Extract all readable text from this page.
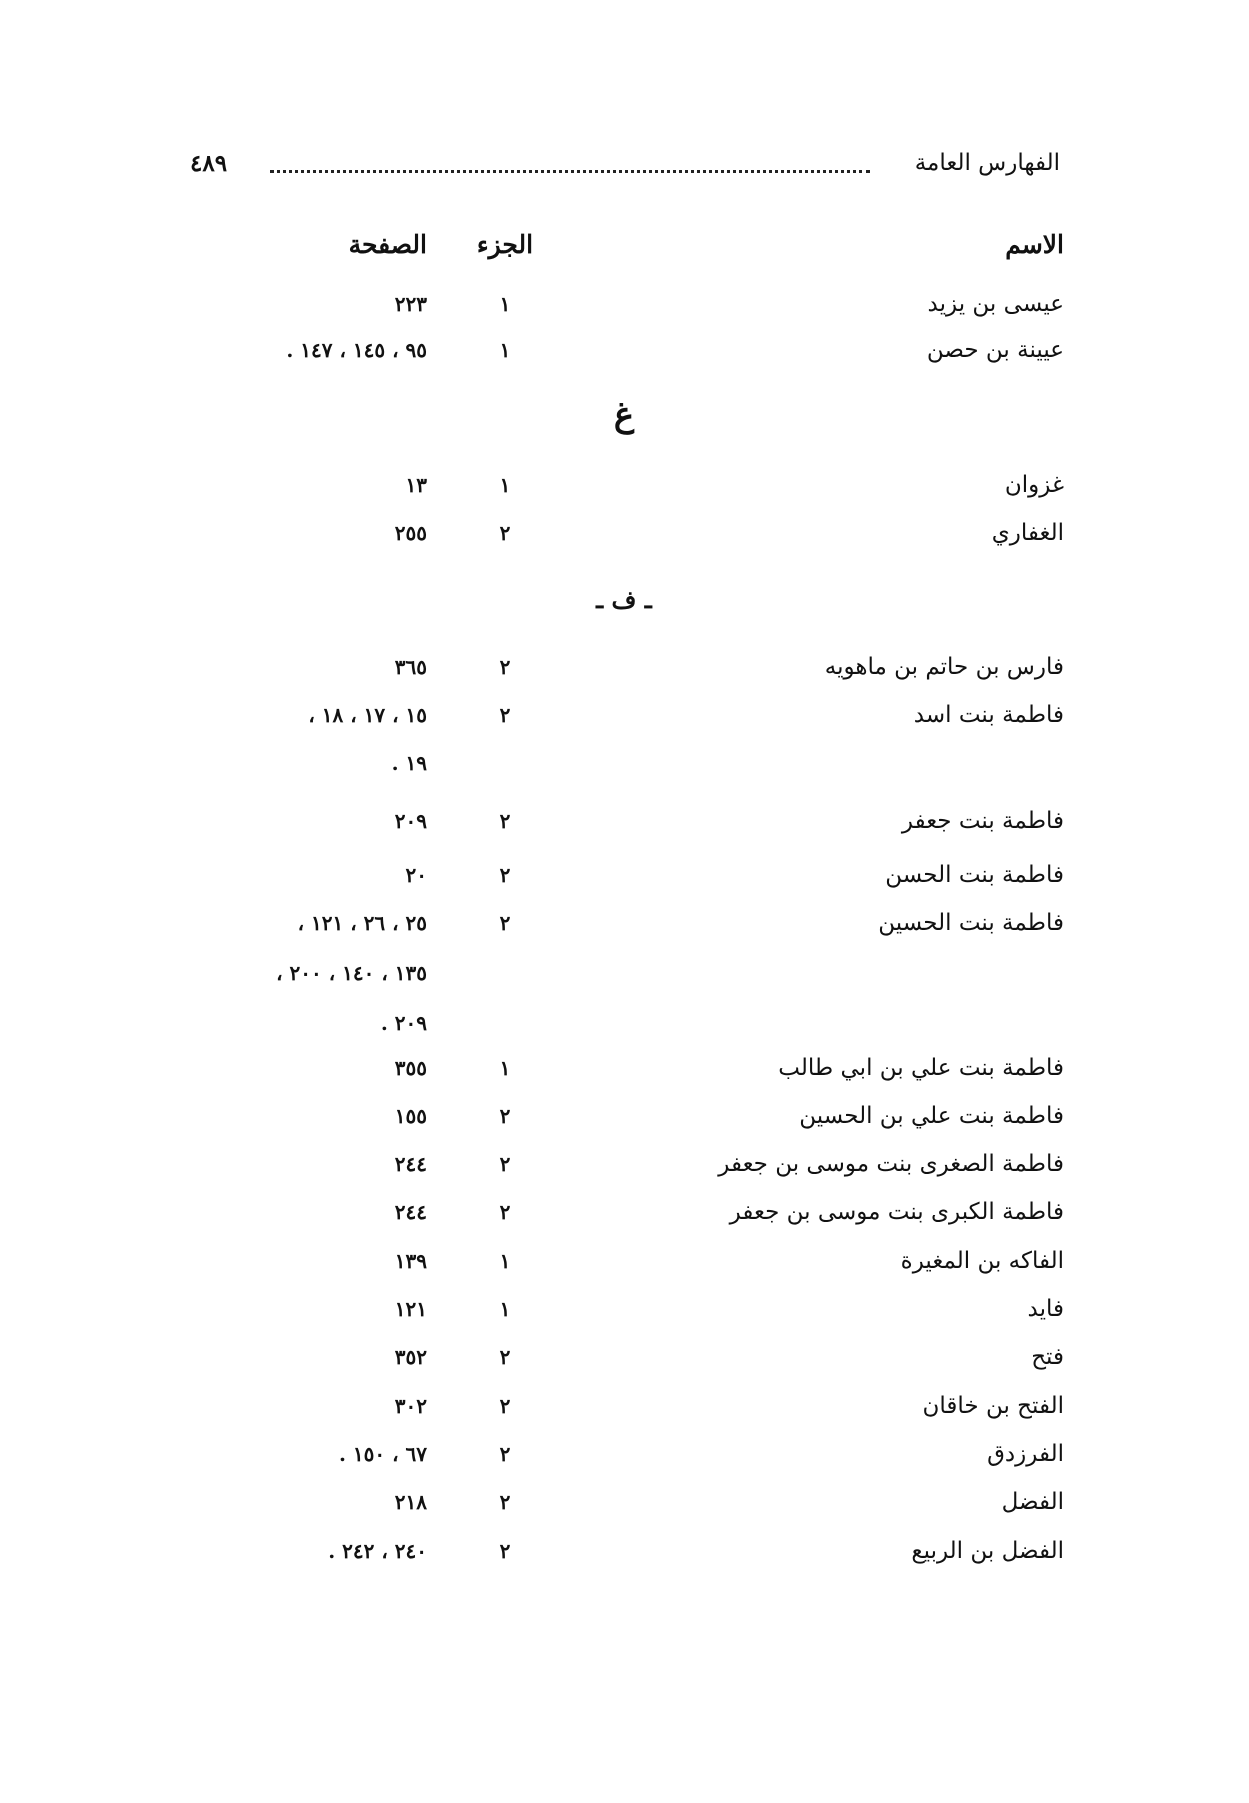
الفهارس العامة
٤٨٩
الاسم
الجزء
الصفحة
عيسى بن يزيد
١
٢٢٣
عيينة بن حصن
١
٩٥ ، ١٤٥ ، ١٤٧ .
غ
غزوان
١
١٣
الغفاري
٢
٢٥٥
ـ ف ـ
فارس بن حاتم بن ماهويه
٢
٣٦٥
فاطمة بنت اسد
٢
١٥ ، ١٧ ، ١٨ ،
١٩ .
فاطمة بنت جعفر
٢
٢٠٩
فاطمة بنت الحسن
٢
٢٠
فاطمة بنت الحسين
٢
٢٥ ، ٢٦ ، ١٢١ ،
١٣٥ ، ١٤٠ ، ٢٠٠ ،
٢٠٩ .
فاطمة بنت علي بن ابي طالب
١
٣٥٥
فاطمة بنت علي بن الحسين
٢
١٥٥
فاطمة الصغرى بنت موسى بن جعفر
٢
٢٤٤
فاطمة الكبرى بنت موسى بن جعفر
٢
٢٤٤
الفاكه بن المغيرة
١
١٣٩
فايد
١
١٢١
فتح
٢
٣٥٢
الفتح بن خاقان
٢
٣٠٢
الفرزدق
٢
٦٧ ، ١٥٠ .
الفضل
٢
٢١٨
الفضل بن الربيع
٢
٢٤٠ ، ٢٤٢ .
